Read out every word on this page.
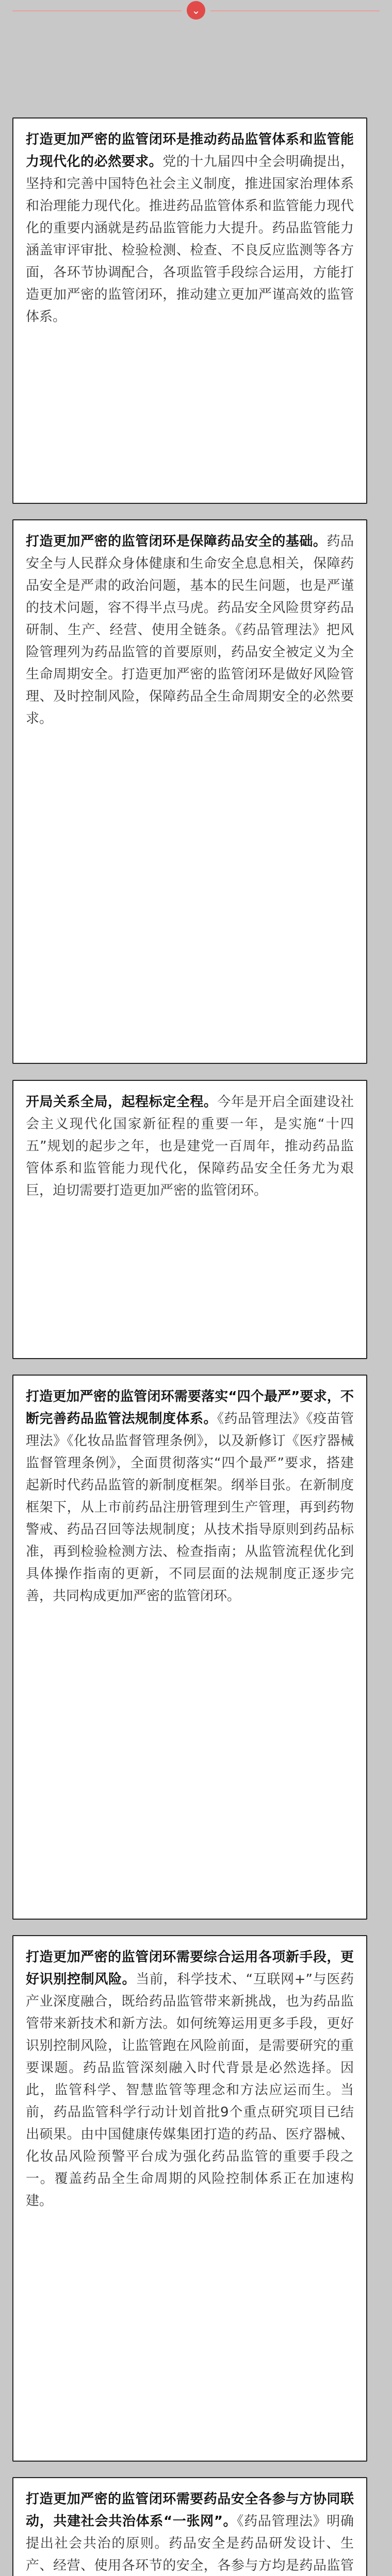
⌄

打造更加严密的监管闭环是推动药品监管体系和监管能力现代化的必然要求。党的十九届四中全会明确提出，坚持和完善中国特色社会主义制度，推进国家治理体系和治理能力现代化。推进药品监管体系和监管能力现代化的重要内涵就是药品监管能力大提升。药品监管能力涵盖审评审批、检验检测、检查、不良反应监测等各方面，各环节协调配合，各项监管手段综合运用，方能打造更加严密的监管闭环，推动建立更加严谨高效的监管体系。

打造更加严密的监管闭环是保障药品安全的基础。药品安全与人民群众身体健康和生命安全息息相关，保障药品安全是严肃的政治问题，基本的民生问题，也是严谨的技术问题，容不得半点马虎。药品安全风险贯穿药品研制、生产、经营、使用全链条。《药品管理法》把风险管理列为药品监管的首要原则，药品安全被定义为全生命周期安全。打造更加严密的监管闭环是做好风险管理、及时控制风险，保障药品全生命周期安全的必然要求。

开局关系全局，起程标定全程。今年是开启全面建设社会主义现代化国家新征程的重要一年，是实施“十四五”规划的起步之年，也是建党一百周年，推动药品监管体系和监管能力现代化，保障药品安全任务尤为艰巨，迫切需要打造更加严密的监管闭环。

打造更加严密的监管闭环需要落实“四个最严”要求，不断完善药品监管法规制度体系。《药品管理法》《疫苗管理法》《化妆品监督管理条例》，以及新修订《医疗器械监督管理条例》，全面贯彻落实“四个最严”要求，搭建起新时代药品监管的新制度框架。纲举目张。在新制度框架下，从上市前药品注册管理到生产管理，再到药物警戒、药品召回等法规制度；从技术指导原则到药品标准，再到检验检测方法、检查指南；从监管流程优化到具体操作指南的更新，不同层面的法规制度正逐步完善，共同构成更加严密的监管闭环。

打造更加严密的监管闭环需要综合运用各项新手段，更好识别控制风险。当前，科学技术、“互联网+”与医药产业深度融合，既给药品监管带来新挑战，也为药品监管带来新技术和新方法。如何统筹运用更多手段，更好识别控制风险，让监管跑在风险前面，是需要研究的重要课题。药品监管深刻融入时代背景是必然选择。因此，监管科学、智慧监管等理念和方法应运而生。当前，药品监管科学行动计划首批9个重点研究项目已结出硕果。由中国健康传媒集团打造的药品、医疗器械、化妆品风险预警平台成为强化药品监管的重要手段之一。覆盖药品全生命周期的风险控制体系正在加速构建。

打造更加严密的监管闭环需要药品安全各参与方协同联动，共建社会共治体系“一张网”。《药品管理法》明确提出社会共治的原则。药品安全是药品研发设计、生产、经营、使用各环节的安全，各参与方均是药品监管
